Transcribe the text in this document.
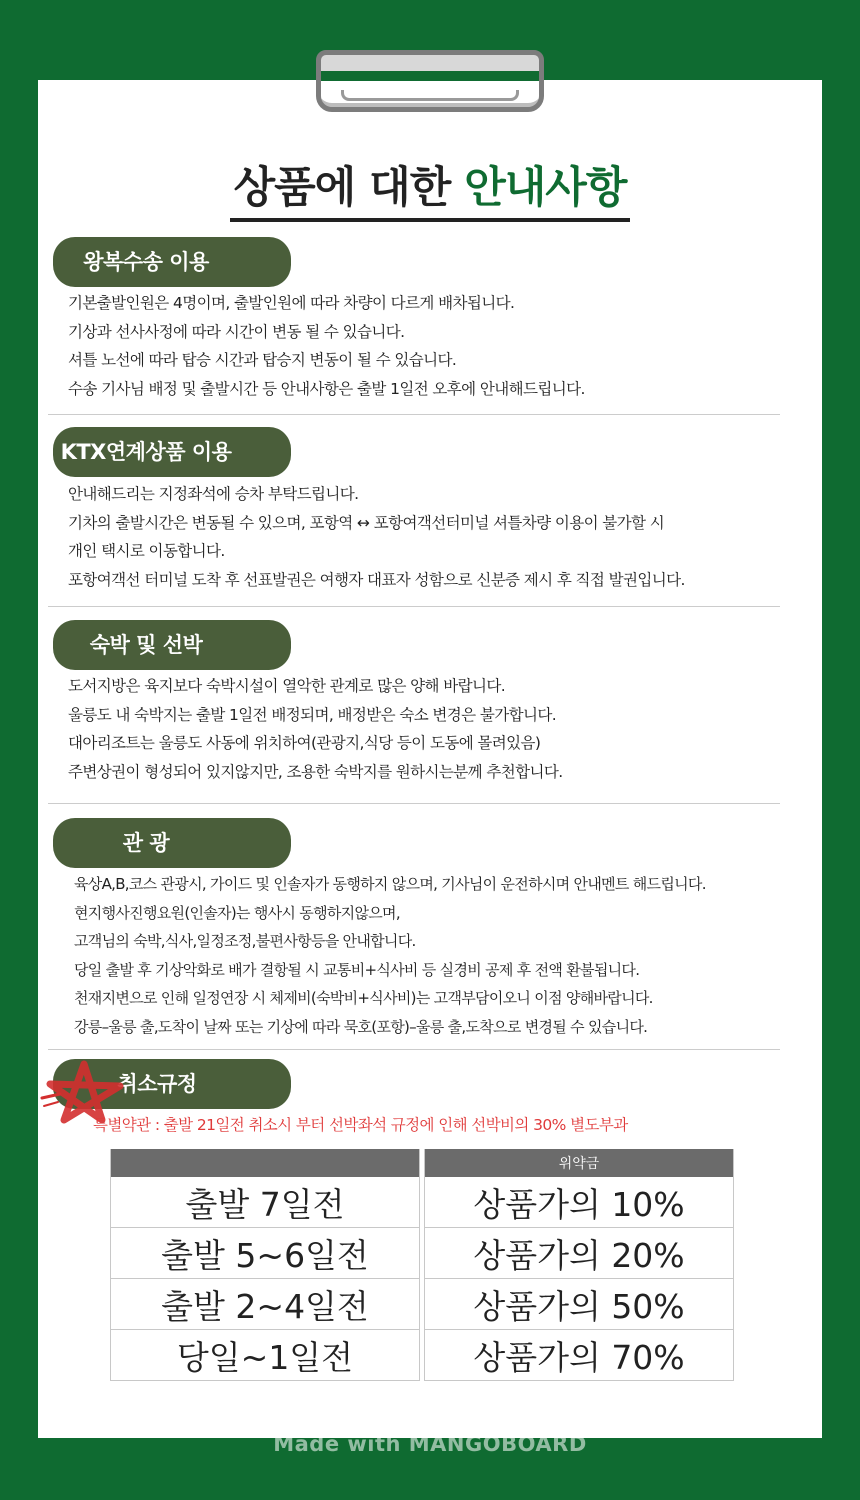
상품에 대한 안내사항
왕복수송 이용
기본출발인원은 4명이며, 출발인원에 따라 차량이 다르게 배차됩니다.
기상과 선사사정에 따라 시간이 변동 될 수 있습니다.
셔틀 노선에 따라 탑승 시간과 탑승지 변동이 될 수 있습니다.
수송 기사님 배정 및 출발시간 등 안내사항은 출발 1일전 오후에 안내해드립니다.
KTX연계상품 이용
안내해드리는 지정좌석에 승차 부탁드립니다.
기차의 출발시간은 변동될 수 있으며, 포항역 ↔ 포항여객선터미널 셔틀차량 이용이 불가할 시
개인 택시로 이동합니다.
포항여객선 터미널 도착 후 선표발권은 여행자 대표자 성함으로 신분증 제시 후 직접 발권입니다.
숙박 및 선박
도서지방은 육지보다 숙박시설이 열악한 관계로 많은 양해 바랍니다.
울릉도 내 숙박지는 출발 1일전 배정되며, 배정받은 숙소 변경은 불가합니다.
대아리조트는 울릉도 사동에 위치하여(관광지,식당 등이 도동에 몰려있음)
주변상권이 형성되어 있지않지만, 조용한 숙박지를 원하시는분께 추천합니다.
관 광
육상A,B,코스 관광시, 가이드 및 인솔자가 동행하지 않으며, 기사님이 운전하시며 안내멘트 해드립니다.
현지행사진행요원(인솔자)는 행사시 동행하지않으며,
고객님의 숙박,식사,일정조정,불편사항등을 안내합니다.
당일 출발 후 기상악화로 배가 결항될 시 교통비+식사비 등 실경비 공제 후 전액 환불됩니다.
천재지변으로 인해 일정연장 시 체제비(숙박비+식사비)는 고객부담이오니 이점 양해바랍니다.
강릉–울릉 출,도착이 날짜 또는 기상에 따라 묵호(포항)–울릉 출,도착으로 변경될 수 있습니다.
취소규정
특별약관 : 출발 21일전 취소시 부터 선박좌석 규정에 인해 선박비의 30% 별도부과
		위약금
출발 7일전		상품가의 10%
출발 5~6일전		상품가의 20%
출발 2~4일전		상품가의 50%
당일~1일전		상품가의 70%
Made with MANGOBOARD
